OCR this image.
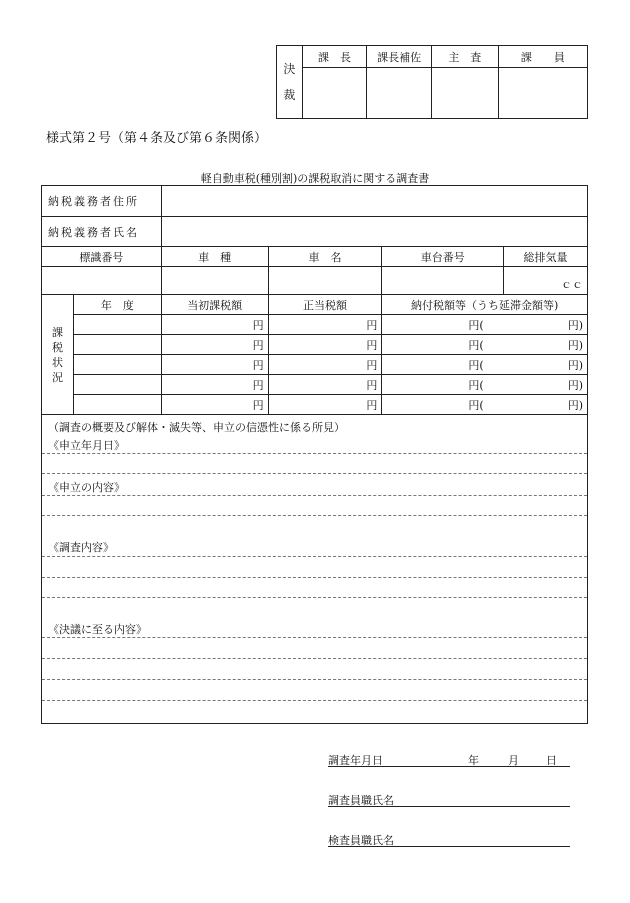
決
裁	課　長	課長補佐	主　査	課　　員

様式第２号（第４条及び第６条関係）
軽自動車税(種別割)の課税取消に関する調査書
納税義務者住所					
納税義務者氏名					
標識番号		車　種	車　名	車台番号	総排気量
					ｃｃ

課
税
状
況	年　度	当初課税額	正当税額	納付税額等（うち延滞金額等)	
		円	円	円( 円)	

		円	円	円( 円)	

		円	円	円( 円)	

		円	円	円( 円)	

		円	円	円( 円)	

（調査の概要及び解体・滅失等、申立の信憑性に係る所見）
《申立年月日》
《申立の内容》
《調査内容》
《決議に至る内容》					
調査年月日	年	月 日
調査員職氏名
検査員職氏名
